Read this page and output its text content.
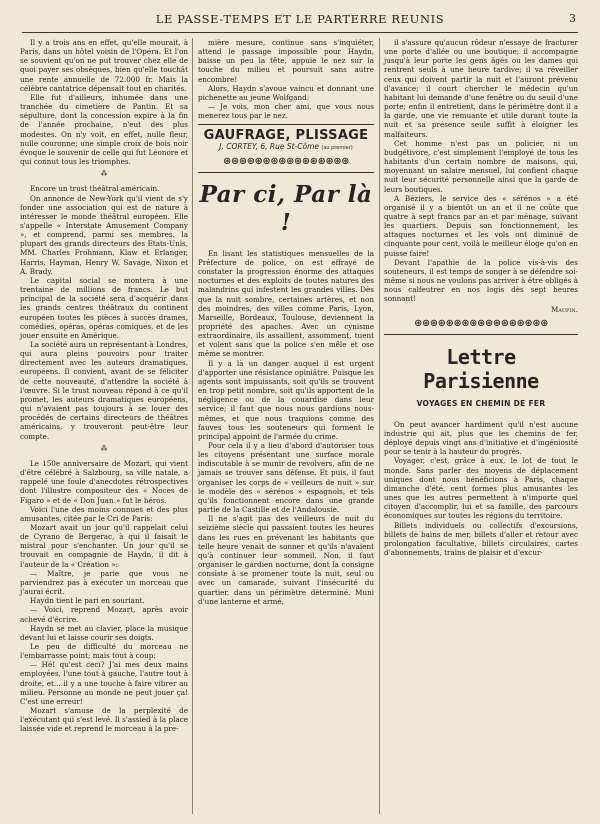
LE PASSE-TEMPS ET LE PARTERRE REUNIS	3

Il y a trois ans en effet, qu'elle mourait, à Paris, dans un hôtel voisin de l'Opéra. Et l'on se souvient qu'on ne put trouver chez elle de quoi payer ses obsèques, bien qu'elle touchât une rente annuelle de 72.000 fr. Mais la célèbre cantatrice dépensait tout en charités.

Elle fut d'ailleurs, inhumée dans une tranchée du cimetière de Pantin. Et sa sépulture, dont la concession expire à la fin de l'année prochaine, n'eut des plus modestes. On n'y voit, en effet, nulle fleur, nulle couronne; une simple croix de bois noir évoque le souvenir de celle qui fut Léonore et qui connut tous les triomphes.

⁂

Encore un trust théâtral américain.

On annonce de New-York qu'il vient de s'y fonder une association qui est de nature à intéresser le monde théâtral européen. Elle s'appelle « Interstate Amusement Company », et comprend, parmi ses membres, la plupart des grands directeurs des Etats-Unis, MM. Charles Frohmann, Klaw et Erlanger, Harris, Hayman, Henry W. Savage, Nixon et A. Brady.

Le capital social se montera à une trentaine de millions de francs. Le but principal de la société sera d'acquérir dans les grands centres théâtraux du continent européen toutes les pièces à succès drames, comédies, opéras, opéras comiques, et de les jouer ensuite en Amérique.

La société aura un représentant à Londres, qui aura pleins pouvoirs pour traiter directement avec les auteurs dramatiques, européens. Il convient, avant de se féliciter de cette nouveauté, d'attendre la société à l'œuvre. Si le trust nouveau répond à ce qu'il promet, les auteurs dramatiques européens, qui n'avaient pas toujours à se louer des procédés de certains directeurs de théâtres américains, y trouveront peut-être leur compte.

⁂

Le 150e anniversaire de Mozart, qui vient d'être célébré à Salzbourg, sa ville natale, a rappelé une foule d'anecdotes rétrospectives dont l'illustre compositeur des « Noces de Figaro » et de « Don Juan » fut le héros.

Voici l'une des moins connues et des plus amusantes, citée par le Cri de Paris:

Mozart avait un jour qu'il rappelait celui de Cyrano de Bergerac, à qui il faisait le mistral pour s'enchanter. Un jour qu'il se trouvait en compagnie de Haydn, il dit à l'auteur de la « Création »:

— Maître, je parie que vous ne parviendrez pas à exécuter un morceau que j'aurai écrit.

Haydn tient le pari en souriant.

— Voici, reprend Mozart, après avoir achevé d'écrire.

Haydn se met au clavier, place la musique devant lui et laisse courir ses doigts.

Le peu de difficulté du morceau ne l'embarrasse point; mais tout à coup:

— Hé! qu'est ceci? J'ai mes deux mains employées, l'une tout à gauche, l'autre tout à droite, et... il y a une touche à faire vibrer au milieu. Personne au monde ne peut jouer ça! C'est une erreur!

Mozart s'amuse de la perplexité de l'exécutant qui s'est levé. Il s'assied à la place laissée vide et reprend le morceau à la pre-

mière mesure, continue sans s'inquiéter, attend le passage impossible pour Haydn, baisse un peu la tête, appuie le nez sur la touche du milieu et poursuit sans autre encombre!

Alors, Haydn s'avoue vaincu et donnant une pichenette au jeune Wolfgand:

— Je vois, mon cher ami, que vous nous menerez tous par le nez.

GAUFRAGE, PLISSAGE
J. CORTEY, 6, Rue St-Côme (au premier)
⊛⊛⊛⊛⊛⊛⊛⊛⊛⊛⊛⊛⊛⊛⊛⊛
Par ci, Par là !

En lisant les statistiques mensuelles de la Préfecture de police, on est effrayé de constater la progression énorme des attaques nocturnes et des exploits de toutes natures des malandrins qui infestent les grandes villes. Dès que la nuit sombre, certaines artères, et non des moindres, des villes comme Paris, Lyon, Marseille, Bordeaux, Toulouse, deviennent la propriété des apaches. Avec un cynisme extraordinaire, ils assaillent, assomment, tuent et volent sans que la police s'en mêle et ose même se montrer.

Il y a là un danger auquel il est urgent d'apporter une résistance opiniâtre. Puisque les agents sont impuissants, soit qu'ils se trouvent en trop petit nombre, soit qu'ils apportent de la négligence ou de la couardise dans leur service; il faut que nous nous gardions nous-mêmes, et que nous traquions comme des fauves tous les souteneurs qui forment le principal appoint de l'armée du crime.

Pour cela il y a lieu d'abord d'autoriser tous les citoyens présentant une surface morale indiscutable à se munir de revolvers, afin de ne jamais se trouver sans défense. Et puis, il faut organiser les corps de « veilleurs de nuit » sur le modèle des « sérénos » espagnols, et tels qu'ils fonctionnent encore dans une grande partie de la Castille et de l'Andalousie.

Il ne s'agit pas des veilleurs de nuit du seizième siècle qui passaient toutes les heures dans les rues en prévenant les habitants que telle heure venait de sonner et qu'ils n'avaient qu'à continuer leur sommeil. Non, il faut organiser le gardien nocturne, dont la consigne consiste à se promener toute la nuit, seul ou avec un camarade, suivant l'insécurité du quartier, dans un périmètre déterminé. Muni d'une lanterne et armé,

il s'assure qu'aucun rôdeur n'essaye de fracturer une porte d'allée ou une boutique; il accompagne jusqu'à leur porte les gens âgés ou les dames qui rentrent seuls à une heure tardive; il va réveiller ceux qui doivent partir la nuit et l'auront prévenu d'avance; il court chercher le médecin qu'un habitant lui demande d'une fenêtre ou du seuil d'une porte; enfin il entretient, dans le périmètre dont il a la garde, une vie remuante et utile durant toute la nuit et sa présence seule suffit à éloigner les malfaiteurs.

Cet homme n'est pas un policier, ni un budgétivore, c'est simplement l'employé de tous les habitants d'un certain nombre de maisons, qui, moyennant un salaire mensuel, lui confient chaque nuit leur sécurité personnelle ainsi que la garde de leurs boutiques.

A Béziers, le service des « sérénos » a été organisé il y a bientôt un an et il ne coûte que quatre à sept francs par an et par ménage, suivant les quartiers. Depuis son fonctionnement, les attaques nocturnes et les vols ont diminué de cinquante pour cent, voilà le meilleur éloge qu'on en puisse faire!

Devant l'apathie de la police vis-à-vis des souteneurs, il est temps de songer à se défendre soi-même si nous ne voulons pas arriver à être obligés à nous calfeutrer en nos logis dès sept heures sonnant!

Maupin.
⊛⊛⊛⊛⊛⊛⊛⊛⊛⊛⊛⊛⊛⊛⊛⊛⊛
Lettre Parisienne
VOYAGES EN CHEMIN DE FER

On peut avancer hardiment qu'il n'est aucune industrie qui ait, plus que les chemins de fer, déployé depuis vingt ans d'initiative et d'ingéniosité pour se tenir à la hauteur du progrès.

Voyager, c'est, grâce à eux, le lot de tout le monde. Sans parler des moyens de déplacement uniques dont nous bénéficions à Paris, chaque dimanche d'été, cent formes plus amusantes les unes que les autres permettent à n'importe quel citoyen d'accomplir, lui et sa famille, des parcours économiques sur toutes les régions du territoire.

Billets individuels ou collectifs d'excursions, billets de bains de mer, billets d'aller et retour avec prolongation facultative, billets circulaires, cartes d'abonnements, trains de plaisir et d'excur-
